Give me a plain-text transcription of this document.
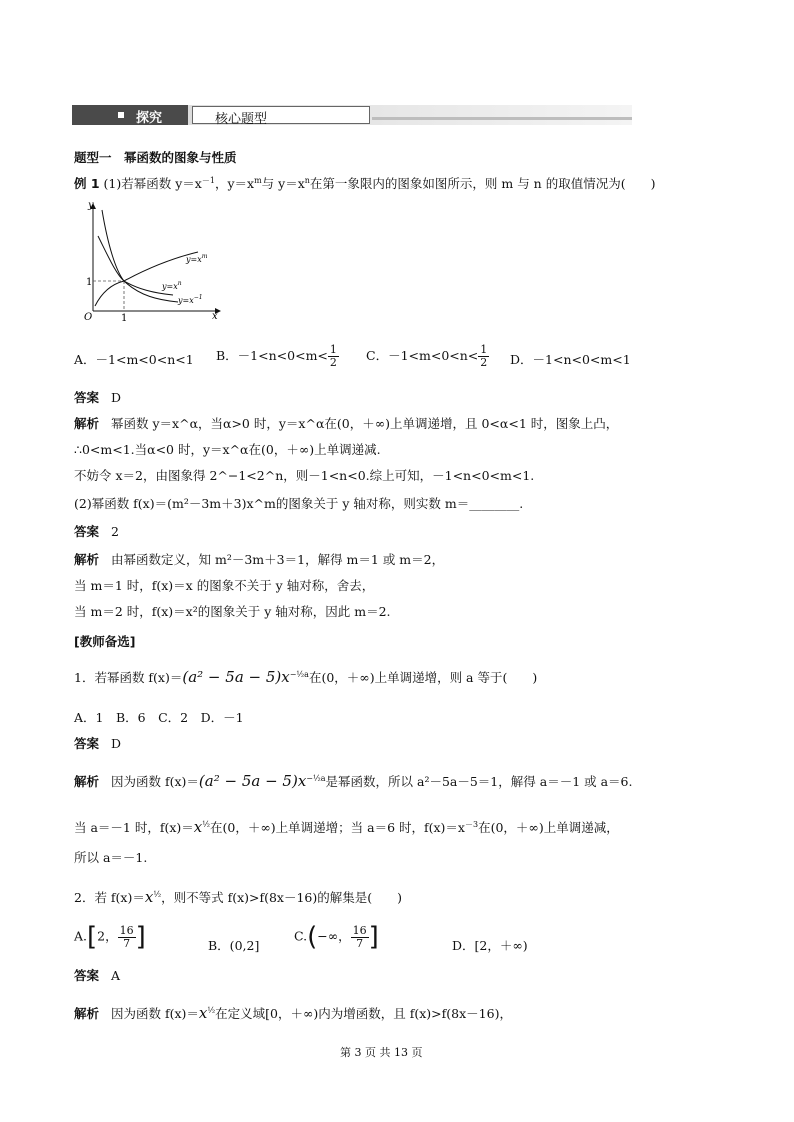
探究	核心题型
题型一　幂函数的图象与性质
例 1 (1)若幂函数 $y=x^{-1}$，$y=x^m$与 $y=x^n$在第一象限内的图象如图所示，则 m 与 n 的取值情况为(　　)
y
x
O	1
1
$y=x^m$
$y=x^n$
$y=x^{-1}$
A．－1<m<0<n<1 B．$-1<n<0<m< \frac{1}{2}$ C．$-1<m<0<n< \frac{1}{2}$ D．－1<n<0<m<1
答案 D
解析 幂函数 y＝x^α，当α>0 时，y＝x^α在(0，＋∞)上单调递增，且 0<α<1 时，图象上凸，
∴0<m<1.当α<0 时，y＝x^α在(0，＋∞)上单调递减.
不妨令 x＝2，由图象得 2^−1<2^n，则－1<n<0.综上可知，－1<n<0<m<1.
(2)幂函数 f(x)＝(m²－3m＋3)x^m的图象关于 y 轴对称，则实数 m＝________.
答案 2
解析 由幂函数定义，知 m²－3m＋3＝1，解得 m＝1 或 m＝2，
当 m＝1 时，f(x)＝x 的图象不关于 y 轴对称，舍去，
当 m＝2 时，f(x)＝x²的图象关于 y 轴对称，因此 m＝2.
[教师备选]
1．若幂函数 $f(x)=(a^2 - 5a - 5)x^{-\frac{1}{2}a}$在(0，＋∞)上单调递增，则 a 等于(　　)
A．1　B．6　C．2　D．－1
答案 D
解析 因为函数 $f(x)=(a^2 - 5a - 5)x^{-\frac{1}{2}a}$是幂函数，所以 a²－5a－5＝1，解得 a＝－1 或 a＝6.
当 a＝－1 时，$f(x)=x^{\frac{1}{2}}$在(0，＋∞)上单调递增；当 a＝6 时，$f(x)=x^{-3}$在(0，＋∞)上单调递减，
所以 a＝－1.
2．若 $f(x)=x^{\frac{1}{2}}$，则不等式 f(x)>f(8x－16)的解集是(　　)
A.[2， $\frac{16}{7}$ ]	B．(0,2]
C.(−∞， $\frac{16}{7}$ ]	D．[2，＋∞)
答案 A
解析 因为函数 $f(x)=x^{\frac{1}{2}}$在定义域[0，＋∞)内为增函数，且 f(x)>f(8x－16)，
第 3 页 共 13 页
